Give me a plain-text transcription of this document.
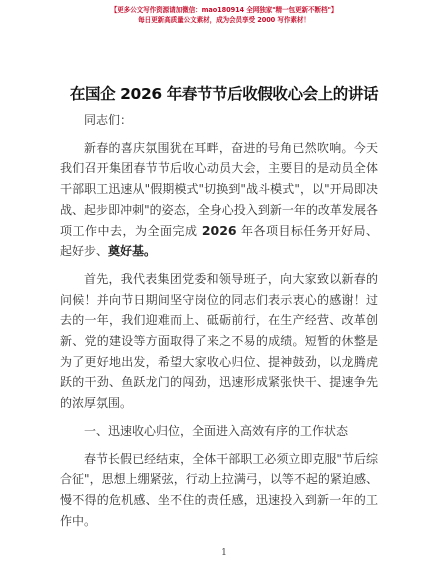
【更多公文写作资源请加微信：mao180914 全网独家"精一包更新不断档"】
每日更新高质量公文素材，成为会员享受 2000 写作素材！
在国企 2026 年春节节后收假收心会上的讲话

同志们：

新春的喜庆氛围犹在耳畔，奋进的号角已然吹响。今天我们召开集团春节节后收心动员大会，主要目的是动员全体干部职工迅速从"假期模式"切换到"战斗模式"，以"开局即决战、起步即冲刺"的姿态，全身心投入到新一年的改革发展各项工作中去，为全面完成 2026 年各项目标任务开好局、起好步、奠好基。

首先，我代表集团党委和领导班子，向大家致以新春的问候！并向节日期间坚守岗位的同志们表示衷心的感谢！过去的一年，我们迎难而上、砥砺前行，在生产经营、改革创新、党的建设等方面取得了来之不易的成绩。短暂的休整是为了更好地出发，希望大家收心归位、提神鼓劲，以龙腾虎跃的干劲、鱼跃龙门的闯劲，迅速形成紧张快干、提速争先的浓厚氛围。

一、迅速收心归位，全面进入高效有序的工作状态

春节长假已经结束，全体干部职工必须立即克服"节后综合征"，思想上绷紧弦，行动上拉满弓，以等不起的紧迫感、慢不得的危机感、坐不住的责任感，迅速投入到新一年的工作中。

1
